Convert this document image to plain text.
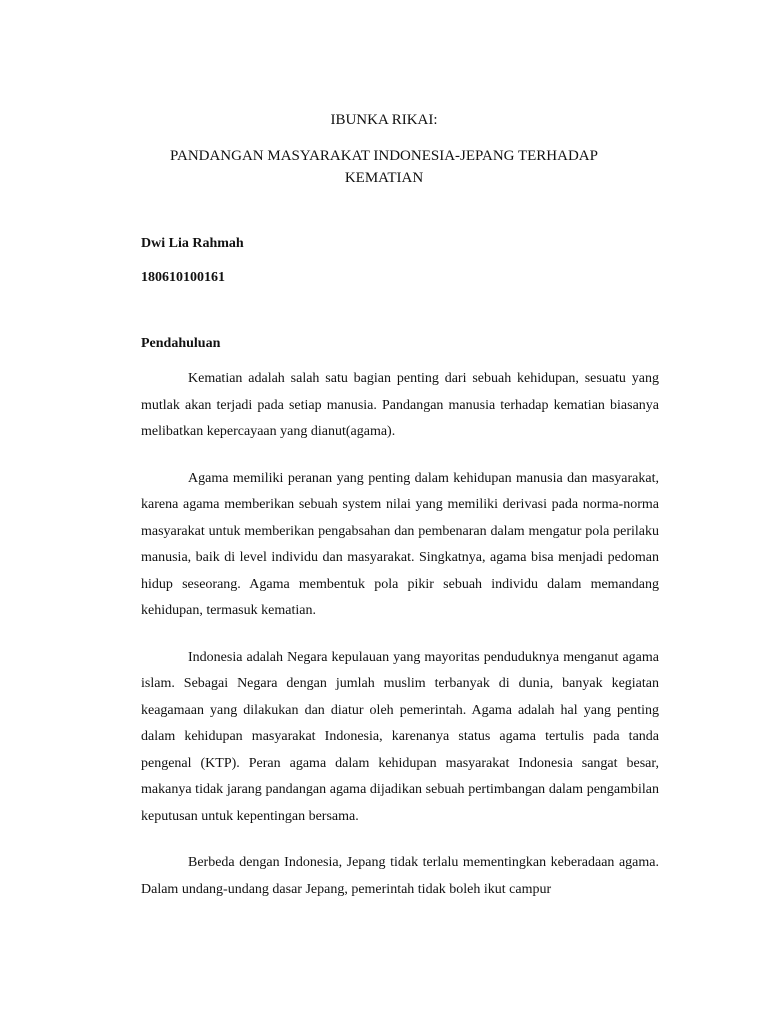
IBUNKA RIKAI:
PANDANGAN MASYARAKAT INDONESIA-JEPANG TERHADAP
KEMATIAN

Dwi Lia Rahmah

180610100161

Pendahuluan

Kematian adalah salah satu bagian penting dari sebuah kehidupan, sesuatu yang mutlak akan terjadi pada setiap manusia. Pandangan manusia terhadap kematian biasanya melibatkan kepercayaan yang dianut(agama).

Agama memiliki peranan yang penting dalam kehidupan manusia dan masyarakat, karena agama memberikan sebuah system nilai yang memiliki derivasi pada norma-norma masyarakat untuk memberikan pengabsahan dan pembenaran dalam mengatur pola perilaku manusia, baik di level individu dan masyarakat. Singkatnya, agama bisa menjadi pedoman hidup seseorang. Agama membentuk pola pikir sebuah individu dalam memandang kehidupan, termasuk kematian.

Indonesia adalah Negara kepulauan yang mayoritas penduduknya menganut agama islam. Sebagai Negara dengan jumlah muslim terbanyak di dunia, banyak kegiatan keagamaan yang dilakukan dan diatur oleh pemerintah. Agama adalah hal yang penting dalam kehidupan masyarakat Indonesia, karenanya status agama tertulis pada tanda pengenal (KTP). Peran agama dalam kehidupan masyarakat Indonesia sangat besar, makanya tidak jarang pandangan agama dijadikan sebuah pertimbangan dalam pengambilan keputusan untuk kepentingan bersama.

Berbeda dengan Indonesia, Jepang tidak terlalu mementingkan keberadaan agama. Dalam undang-undang dasar Jepang, pemerintah tidak boleh ikut campur
